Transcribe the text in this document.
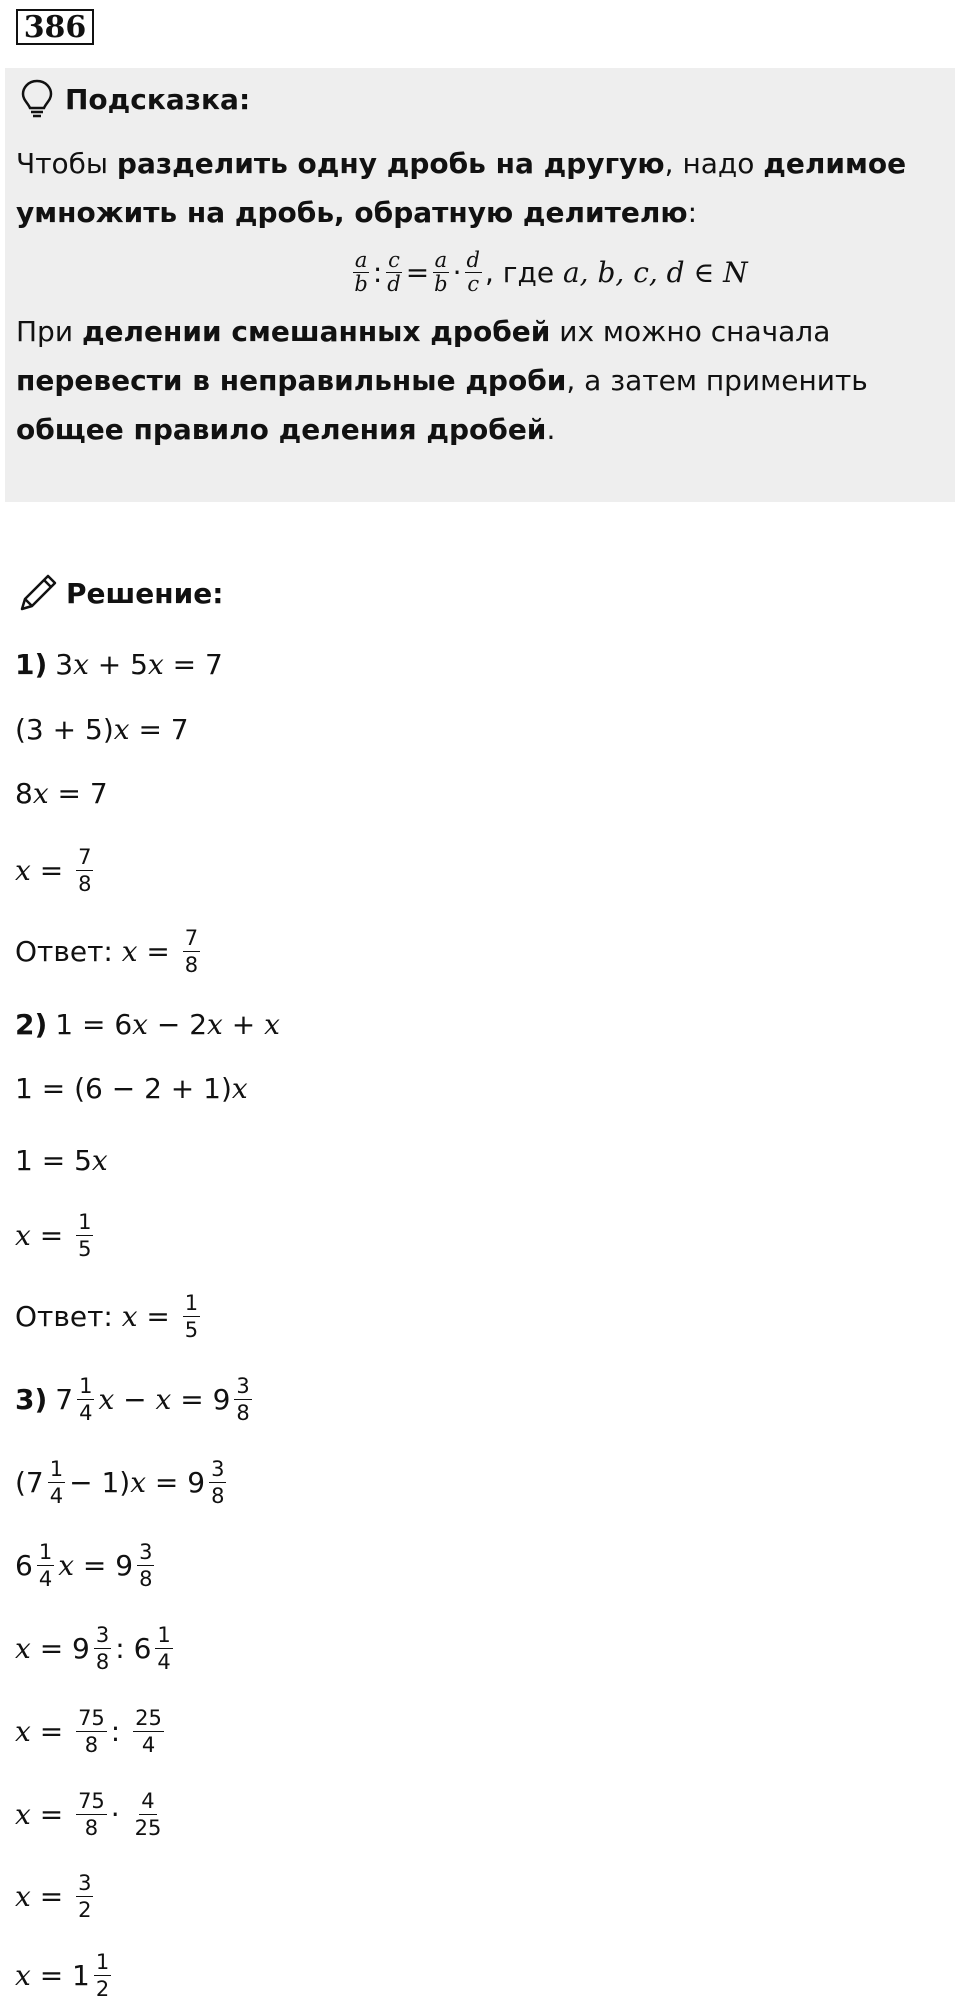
386
Подсказка:
Чтобы разделить одну дробь на другую, надо делимое умножить на дробь, обратную делителю:
$\frac{a}{b}$ : $\frac{c}{d} = \frac{a}{b} \cdot \frac{d}{c}$ , где a, b, c, d ∈ N
При делении смешанных дробей их можно сначала перевести в неправильные дроби, а затем применить общее правило деления дробей.
Решение:
1) 3x + 5x = 7
(3 + 5)x = 7
8x = 7
$x = \frac{7}{8}$
Ответ:
$x = \frac{7}{8}$
2) 1 = 6x − 2x + x
1 = (6 − 2 + 1)x
1 = 5x
$x = \frac{1}{5}$
Ответ:
$x = \frac{1}{5}$
3) $7 \frac{1}{4}$ $x - x = 9 \frac{3}{8}$
$(7 \frac{1}{4} - 1)$ $x = 9 \frac{3}{8}$
$6 \frac{1}{4}$ $x = 9 \frac{3}{8}$
$x = 9 \frac{3}{8}$ : $6 \frac{1}{4}$
$x = \frac{75}{8}$ : $\frac{25}{4}$
$x = \frac{75}{8} \cdot \frac{4}{25}$
$x = \frac{3}{2}$
$x = 1 \frac{1}{2}$
